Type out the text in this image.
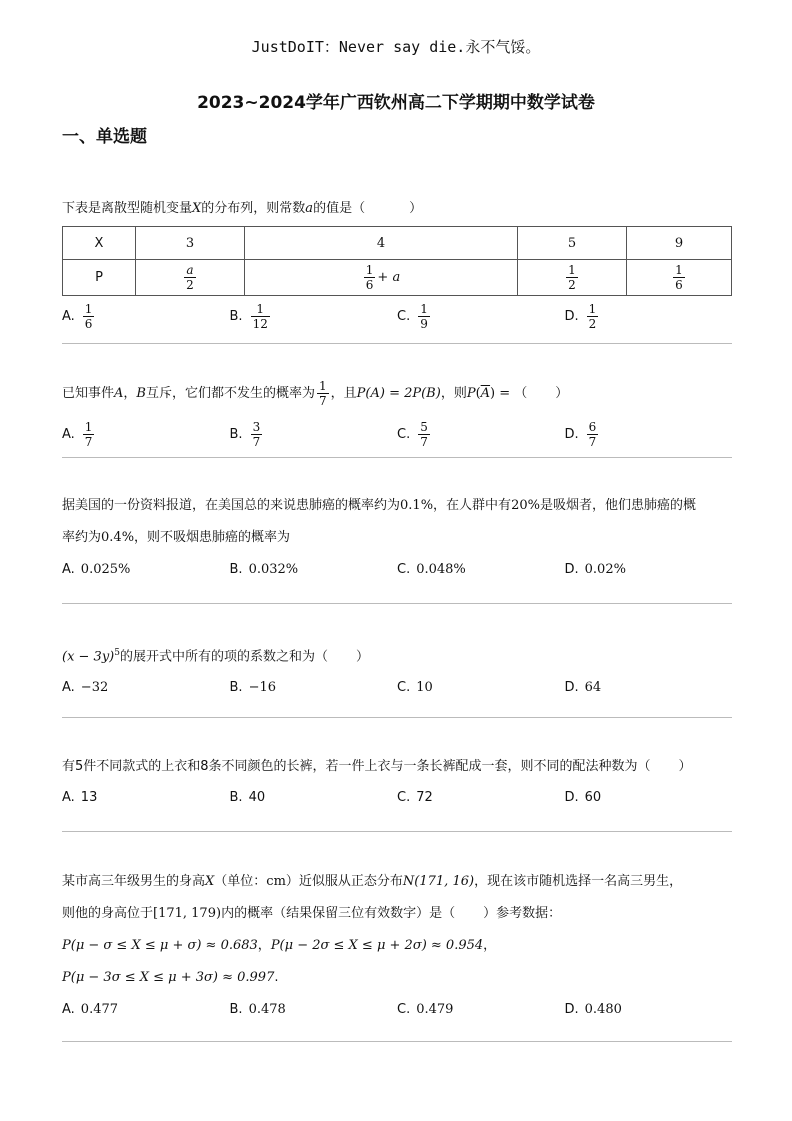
JustDoIT：Never say die.永不气馁。
2023~2024学年广西钦州高二下学期期中数学试卷
一、单选题
下表是离散型随机变量X的分布列，则常数a的值是（	）
X	3	4	5	9
P	$\frac{a}{2}$	$\frac{1}{6} + a$	$\frac{1}{2}$	$\frac{1}{6}$
A. $\frac{1}{6}$	B. $\frac{1}{12}$	C. $\frac{1}{9}$	D. $\frac{1}{2}$
已知事件A，B互斥，它们都不发生的概率为 $\frac{1}{7}$ ，且P(A) = 2P(B)，则$P(\overline{A})$ = （ ）
A. $\frac{1}{7}$	B. $\frac{3}{7}$	C. $\frac{5}{7}$	D. $\frac{6}{7}$
据美国的一份资料报道，在美国总的来说患肺癌的概率约为0.1%，在人群中有20%是吸烟者，他们患肺癌的概
率约为0.4%，则不吸烟患肺癌的概率为
A. 0.025%	B. 0.032%	C. 0.048%	D. 0.02%
$(x - 3y)^5$的展开式中所有的项的系数之和为（ ）
A. −32	B. −16	C. 10	D. 64
有5件不同款式的上衣和8条不同颜色的长裤，若一件上衣与一条长裤配成一套，则不同的配法种数为（ ）
A. 13	B. 40	C. 72	D. 60
某市高三年级男生的身高X（单位：cm）近似服从正态分布N(171, 16)，现在该市随机选择一名高三男生，
则他的身高位于[171, 179)内的概率（结果保留三位有效数字）是（ ）参考数据：
P(μ − σ ≤ X ≤ μ + σ) ≈ 0.683，P(μ − 2σ ≤ X ≤ μ + 2σ) ≈ 0.954，
P(μ − 3σ ≤ X ≤ μ + 3σ) ≈ 0.997.
A. 0.477	B. 0.478	C. 0.479	D. 0.480
